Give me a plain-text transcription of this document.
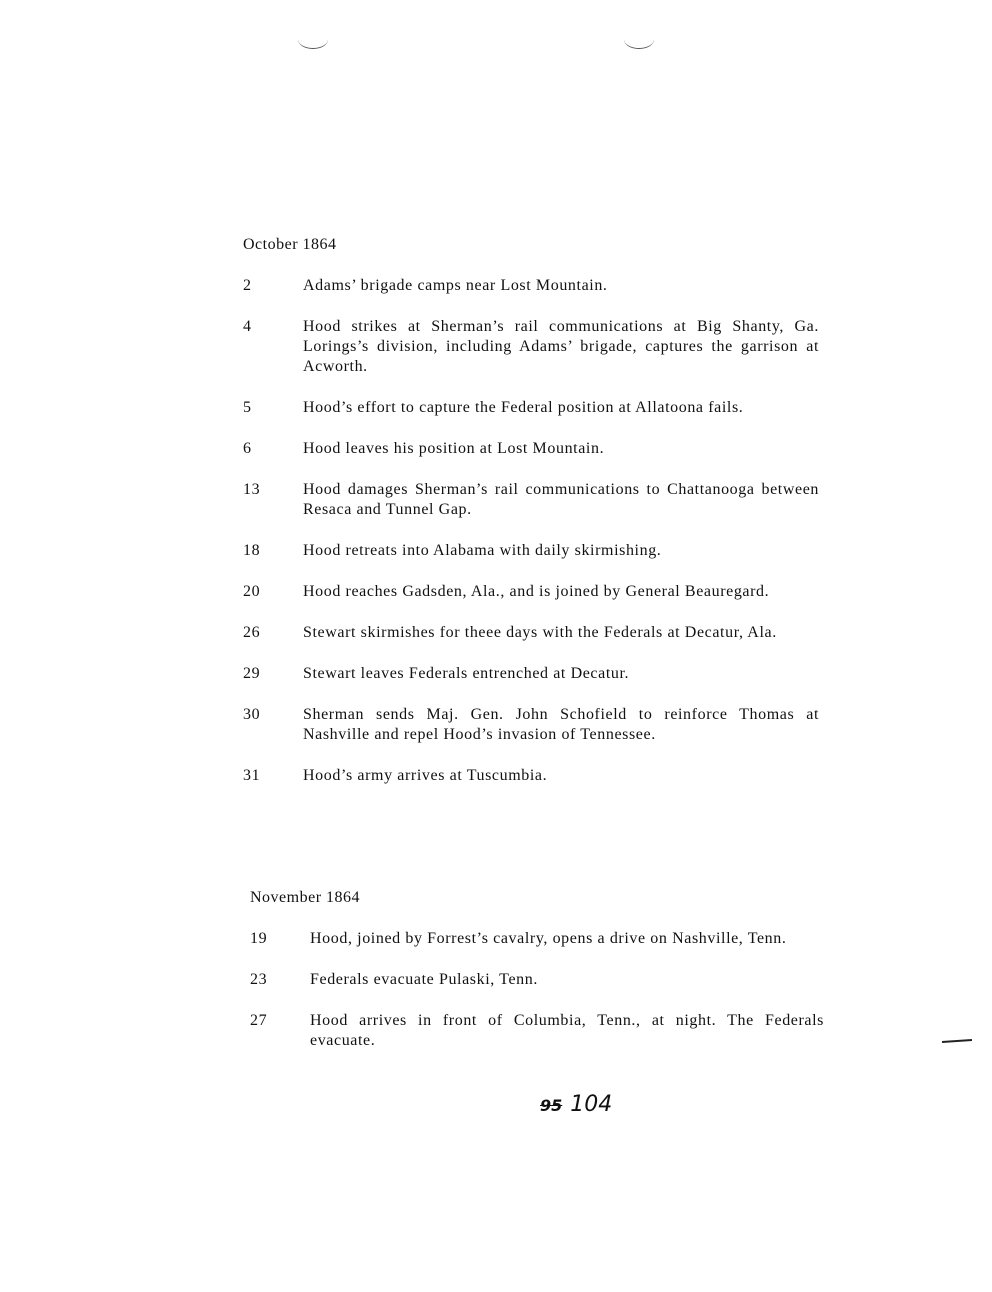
October 1864
2	Adams’ brigade camps near Lost Mountain.
4	Hood strikes at Sherman’s rail communications at Big Shanty, Ga. Lorings’s division, including Adams’ brigade, captures the garrison at Acworth.
5	Hood’s effort to capture the Federal position at Allatoona fails.
6	Hood leaves his position at Lost Mountain.
13	Hood damages Sherman’s rail communications to Chattanooga between Resaca and Tunnel Gap.
18	Hood retreats into Alabama with daily skirmishing.
20	Hood reaches Gadsden, Ala., and is joined by General Beauregard.
26	Stewart skirmishes for theee days with the Federals at Decatur, Ala.
29	Stewart leaves Federals entrenched at Decatur.
30	Sherman sends Maj. Gen. John Schofield to reinforce Thomas at Nashville and repel Hood’s invasion of Tennessee.
31	Hood’s army arrives at Tuscumbia.
November 1864
19	Hood, joined by Forrest’s cavalry, opens a drive on Nashville, Tenn.
23	Federals evacuate Pulaski, Tenn.
27	Hood arrives in front of Columbia, Tenn., at night. The Federals evacuate.
95 104
